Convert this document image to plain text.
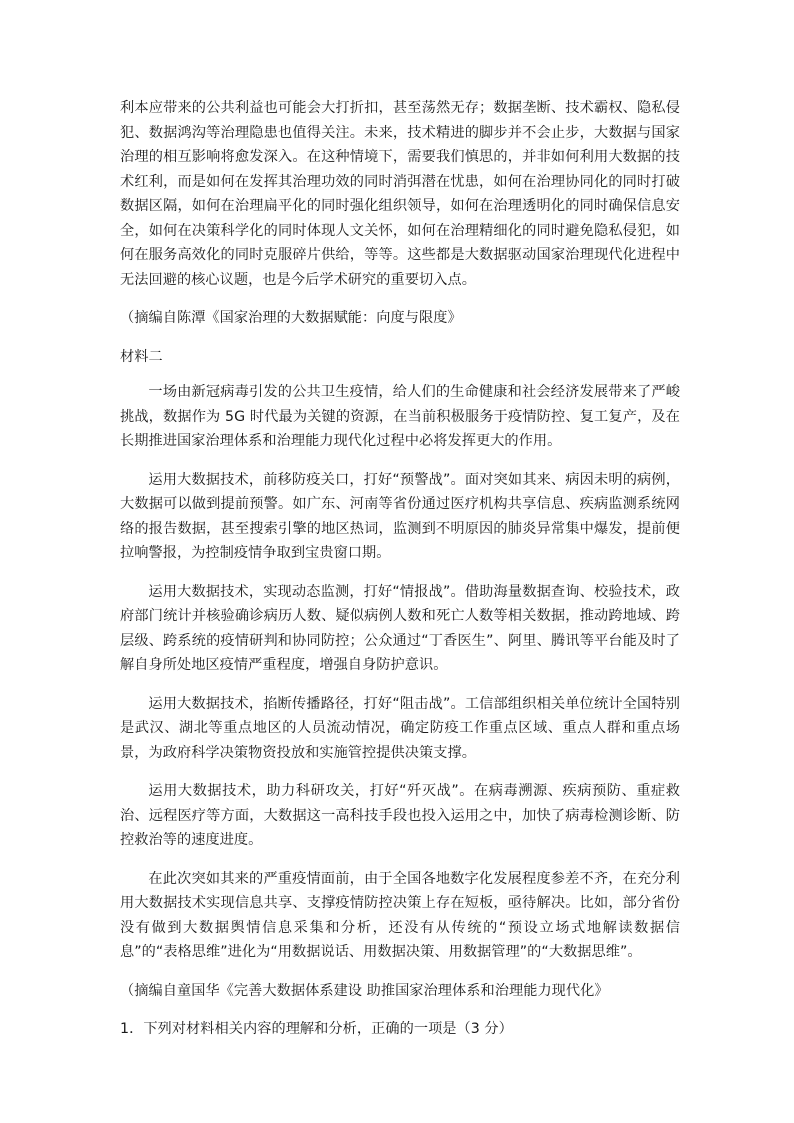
利本应带来的公共利益也可能会大打折扣，甚至荡然无存；数据垄断、技术霸权、隐私侵犯、数据鸿沟等治理隐患也值得关注。未来，技术精进的脚步并不会止步，大数据与国家治理的相互影响将愈发深入。在这种情境下，需要我们慎思的，并非如何利用大数据的技术红利，而是如何在发挥其治理功效的同时消弭潜在忧患，如何在治理协同化的同时打破数据区隔，如何在治理扁平化的同时强化组织领导，如何在治理透明化的同时确保信息安全，如何在决策科学化的同时体现人文关怀，如何在治理精细化的同时避免隐私侵犯，如何在服务高效化的同时克服碎片供给，等等。这些都是大数据驱动国家治理现代化进程中无法回避的核心议题，也是今后学术研究的重要切入点。

（摘编自陈潭《国家治理的大数据赋能：向度与限度》

材料二

一场由新冠病毒引发的公共卫生疫情，给人们的生命健康和社会经济发展带来了严峻挑战，数据作为 5G 时代最为关键的资源，在当前积极服务于疫情防控、复工复产，及在长期推进国家治理体系和治理能力现代化过程中必将发挥更大的作用。

运用大数据技术，前移防疫关口，打好“预警战”。面对突如其来、病因未明的病例，大数据可以做到提前预警。如广东、河南等省份通过医疗机构共享信息、疾病监测系统网络的报告数据，甚至搜索引擎的地区热词，监测到不明原因的肺炎异常集中爆发，提前便拉响警报，为控制疫情争取到宝贵窗口期。

运用大数据技术，实现动态监测，打好“情报战”。借助海量数据查询、校验技术，政府部门统计并核验确诊病历人数、疑似病例人数和死亡人数等相关数据，推动跨地域、跨层级、跨系统的疫情研判和协同防控；公众通过“丁香医生”、阿里、腾讯等平台能及时了解自身所处地区疫情严重程度，增强自身防护意识。

运用大数据技术，掐断传播路径，打好“阻击战”。工信部组织相关单位统计全国特别是武汉、湖北等重点地区的人员流动情况，确定防疫工作重点区域、重点人群和重点场景，为政府科学决策物资投放和实施管控提供决策支撑。

运用大数据技术，助力科研攻关，打好“歼灭战”。在病毒溯源、疾病预防、重症救治、远程医疗等方面，大数据这一高科技手段也投入运用之中，加快了病毒检测诊断、防控救治等的速度进度。

在此次突如其来的严重疫情面前，由于全国各地数字化发展程度参差不齐，在充分利用大数据技术实现信息共享、支撑疫情防控决策上存在短板，亟待解决。比如，部分省份没有做到大数据舆情信息采集和分析，还没有从传统的“预设立场式地解读数据信息”的“表格思维”进化为“用数据说话、用数据决策、用数据管理”的“大数据思维”。

（摘编自童国华《完善大数据体系建设 助推国家治理体系和治理能力现代化》

1．下列对材料相关内容的理解和分析，正确的一项是（3 分）
